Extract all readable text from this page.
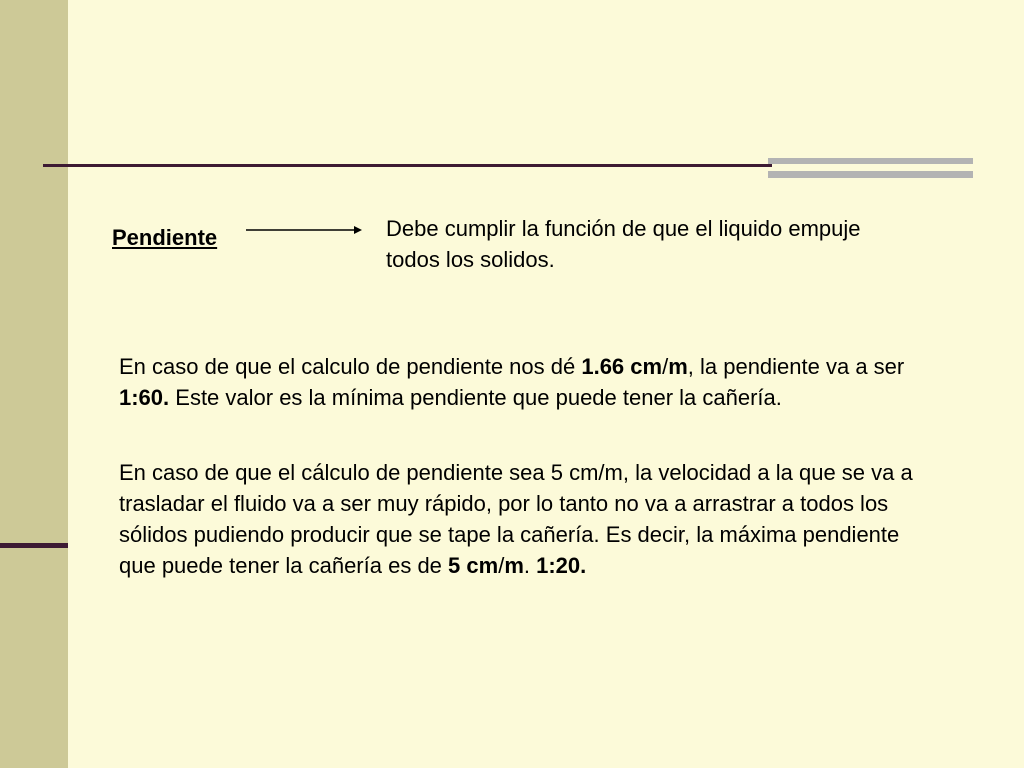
Pendiente	Debe cumplir la función de que el liquido empuje todos los solidos.

En caso de que el calculo de pendiente nos dé 1.66 cm/m, la pendiente va a ser 1:60. Este valor es la mínima pendiente que puede tener la cañería.

En caso de que el cálculo de pendiente sea 5 cm/m, la velocidad a la que se va a trasladar el fluido va a ser muy rápido, por lo tanto no va a arrastrar a todos los sólidos pudiendo producir que se tape la cañería. Es decir, la máxima pendiente que puede tener la cañería es de 5 cm/m. 1:20.
